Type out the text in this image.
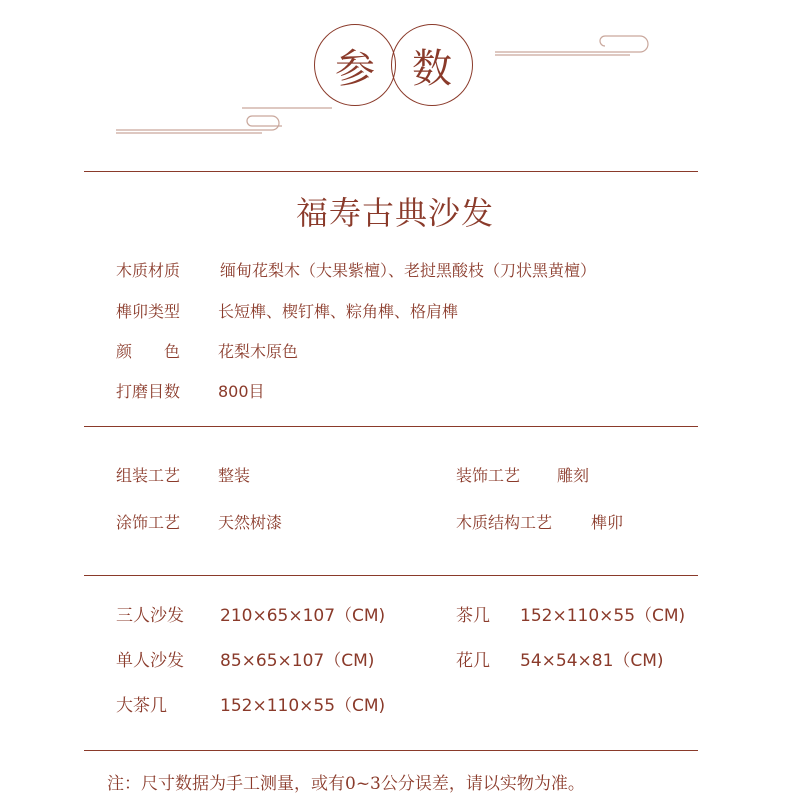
参 数
福寿古典沙发
木质材质 缅甸花梨木（大果紫檀）、老挝黑酸枝（刀状黑黄檀）
榫卯类型 长短榫、楔钉榫、粽角榫、格肩榫
颜　　色 花梨木原色
打磨目数 800目
组装工艺 整装	装饰工艺 雕刻
涂饰工艺 天然树漆	木质结构工艺 榫卯
三人沙发 210×65×107（CM)	茶几 152×110×55（CM)
单人沙发 85×65×107（CM)	花几 54×54×81（CM)
大茶几	152×110×55（CM)
注：尺寸数据为手工测量，或有0~3公分误差，请以实物为准。
